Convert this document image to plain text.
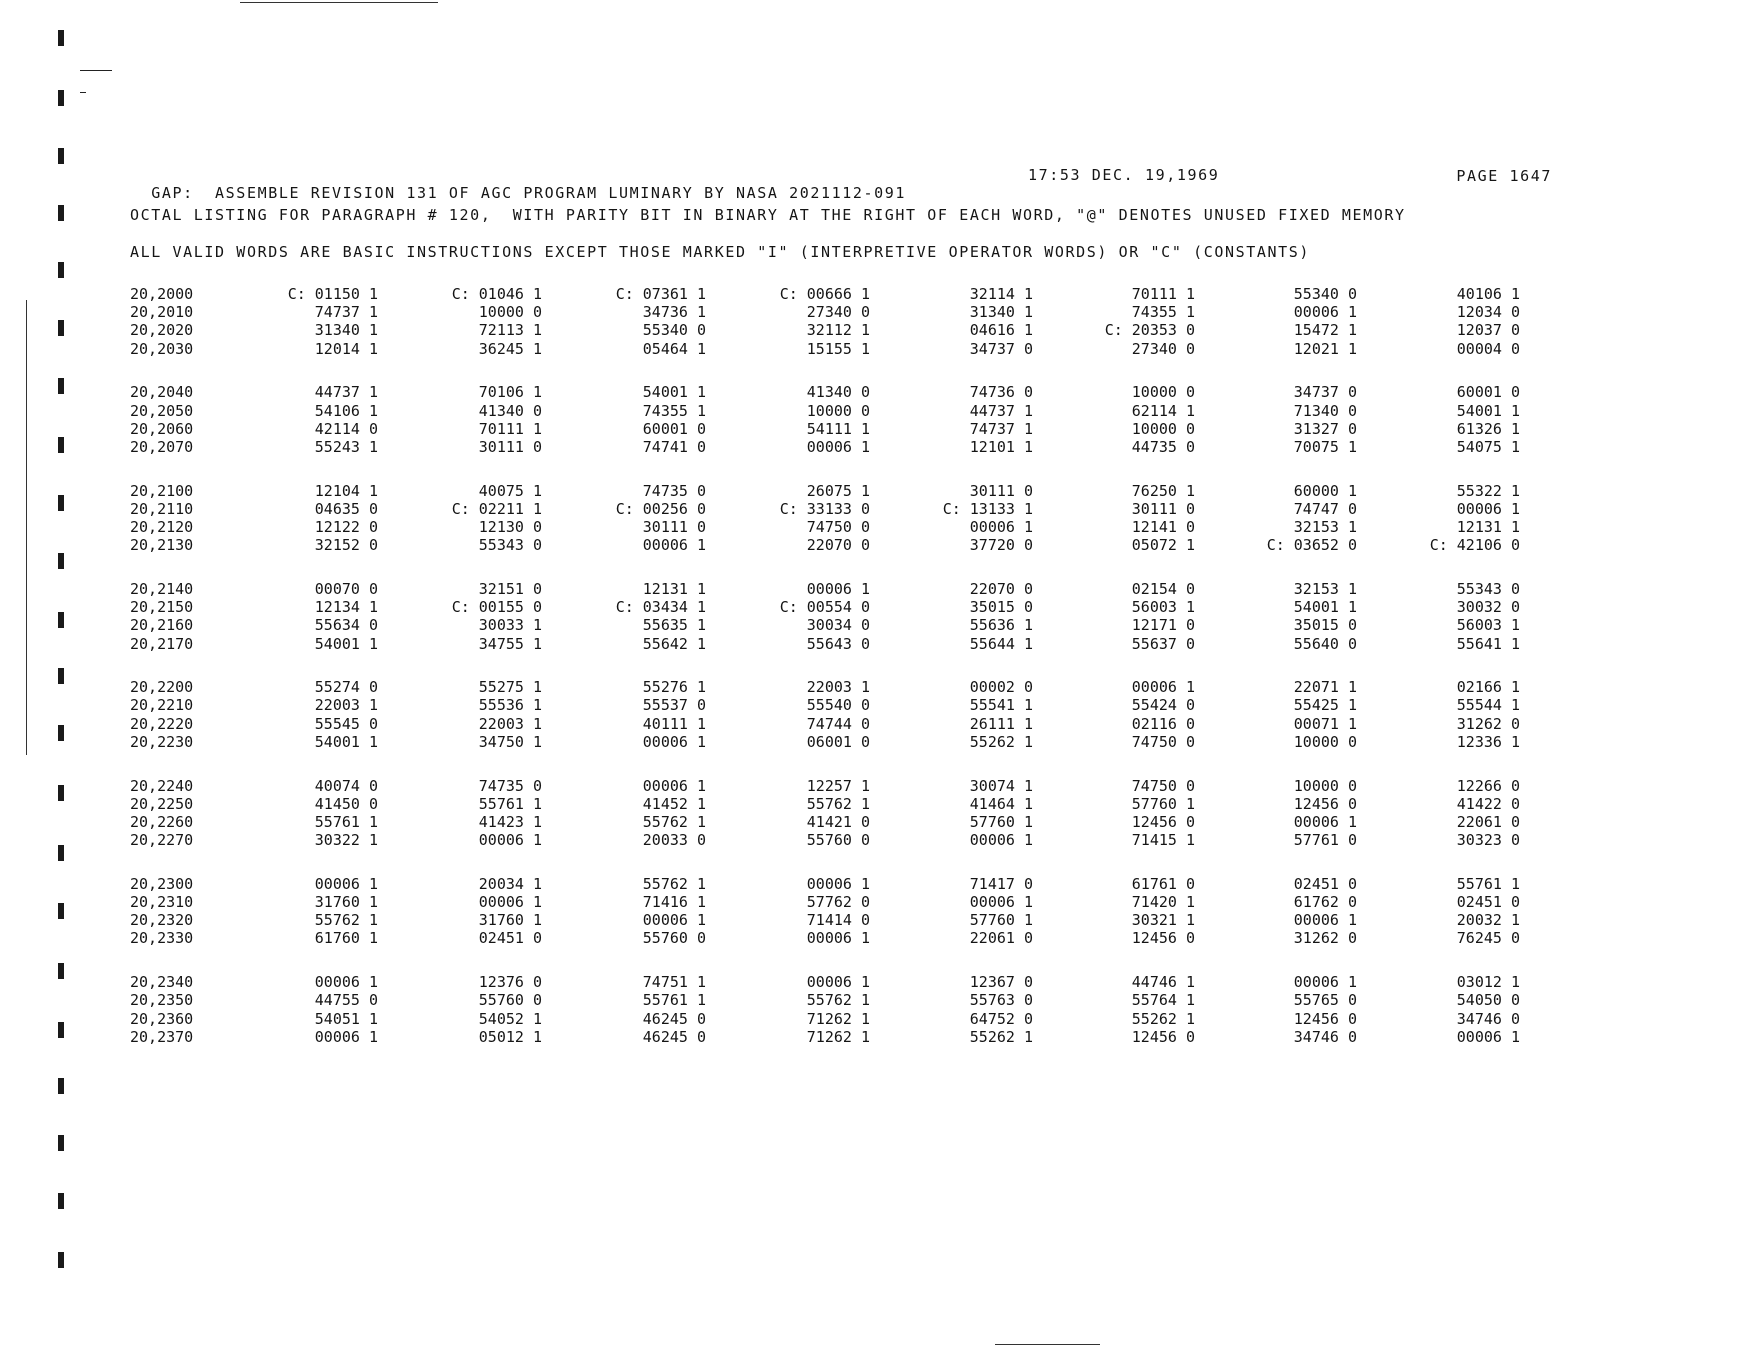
GAP:  ASSEMBLE REVISION 131 OF AGC PROGRAM LUMINARY BY NASA 2021112-091

17:53 DEC. 19,1969

	PAGE 1647

OCTAL LISTING FOR PARAGRAPH # 120,  WITH PARITY BIT IN BINARY AT THE RIGHT OF EACH WORD, "@" DENOTES UNUSED FIXED MEMORY
ALL VALID WORDS ARE BASIC INSTRUCTIONS EXCEPT THOSE MARKED "I" (INTERPRETIVE OPERATOR WORDS) OR "C" (CONSTANTS)
20,2000	C: 01150 1	C: 01046 1	C: 07361 1	C: 00666 1	32114 1	70111 1	55340 0	40106 1
20,2010	74737 1	10000 0	34736 1	27340 0	31340 1	74355 1	00006 1	12034 0
20,2020	31340 1	72113 1	55340 0	32112 1	04616 1	C: 20353 0	15472 1	12037 0
20,2030	12014 1	36245 1	05464 1	15155 1	34737 0	27340 0	12021 1	00004 0
20,2040	44737 1	70106 1	54001 1	41340 0	74736 0	10000 0	34737 0	60001 0
20,2050	54106 1	41340 0	74355 1	10000 0	44737 1	62114 1	71340 0	54001 1
20,2060	42114 0	70111 1	60001 0	54111 1	74737 1	10000 0	31327 0	61326 1
20,2070	55243 1	30111 0	74741 0	00006 1	12101 1	44735 0	70075 1	54075 1
20,2100	12104 1	40075 1	74735 0	26075 1	30111 0	76250 1	60000 1	55322 1
20,2110	04635 0	C: 02211 1	C: 00256 0	C: 33133 0	C: 13133 1	30111 0	74747 0	00006 1
20,2120	12122 0	12130 0	30111 0	74750 0	00006 1	12141 0	32153 1	12131 1
20,2130	32152 0	55343 0	00006 1	22070 0	37720 0	05072 1	C: 03652 0	C: 42106 0
20,2140	00070 0	32151 0	12131 1	00006 1	22070 0	02154 0	32153 1	55343 0
20,2150	12134 1	C: 00155 0	C: 03434 1	C: 00554 0	35015 0	56003 1	54001 1	30032 0
20,2160	55634 0	30033 1	55635 1	30034 0	55636 1	12171 0	35015 0	56003 1
20,2170	54001 1	34755 1	55642 1	55643 0	55644 1	55637 0	55640 0	55641 1
20,2200	55274 0	55275 1	55276 1	22003 1	00002 0	00006 1	22071 1	02166 1
20,2210	22003 1	55536 1	55537 0	55540 0	55541 1	55424 0	55425 1	55544 1
20,2220	55545 0	22003 1	40111 1	74744 0	26111 1	02116 0	00071 1	31262 0
20,2230	54001 1	34750 1	00006 1	06001 0	55262 1	74750 0	10000 0	12336 1
20,2240	40074 0	74735 0	00006 1	12257 1	30074 1	74750 0	10000 0	12266 0
20,2250	41450 0	55761 1	41452 1	55762 1	41464 1	57760 1	12456 0	41422 0
20,2260	55761 1	41423 1	55762 1	41421 0	57760 1	12456 0	00006 1	22061 0
20,2270	30322 1	00006 1	20033 0	55760 0	00006 1	71415 1	57761 0	30323 0
20,2300	00006 1	20034 1	55762 1	00006 1	71417 0	61761 0	02451 0	55761 1
20,2310	31760 1	00006 1	71416 1	57762 0	00006 1	71420 1	61762 0	02451 0
20,2320	55762 1	31760 1	00006 1	71414 0	57760 1	30321 1	00006 1	20032 1
20,2330	61760 1	02451 0	55760 0	00006 1	22061 0	12456 0	31262 0	76245 0
20,2340	00006 1	12376 0	74751 1	00006 1	12367 0	44746 1	00006 1	03012 1
20,2350	44755 0	55760 0	55761 1	55762 1	55763 0	55764 1	55765 0	54050 0
20,2360	54051 1	54052 1	46245 0	71262 1	64752 0	55262 1	12456 0	34746 0
20,2370	00006 1	05012 1	46245 0	71262 1	55262 1	12456 0	34746 0	00006 1
